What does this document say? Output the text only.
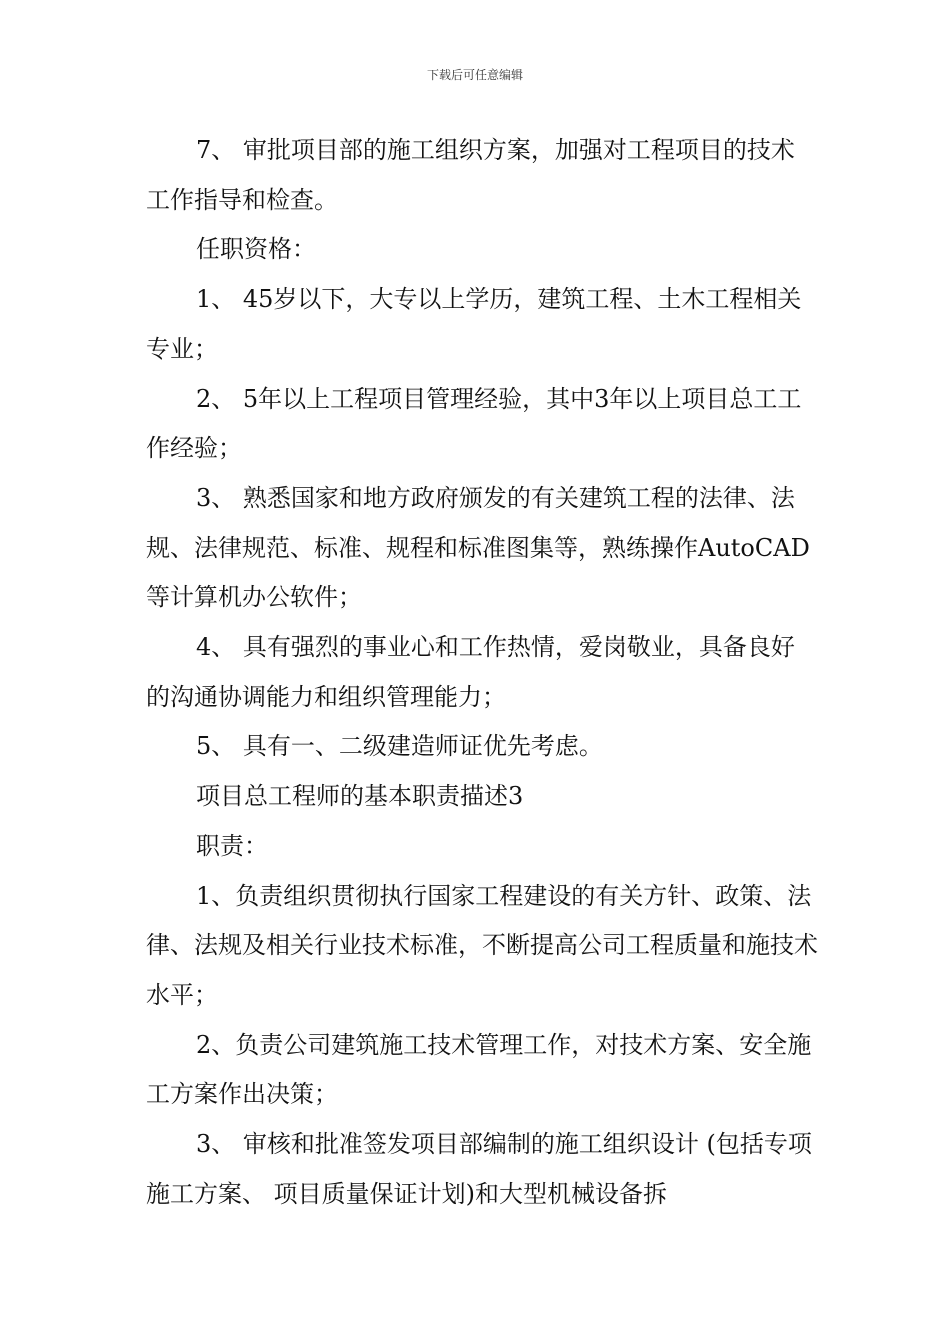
下载后可任意编辑

7、 审批项目部的施工组织方案，加强对工程项目的技术工作指导和检查。

任职资格：

1、 45岁以下，大专以上学历，建筑工程、土木工程相关专业；

2、 5年以上工程项目管理经验，其中3年以上项目总工工作经验；

3、 熟悉国家和地方政府颁发的有关建筑工程的法律、法规、法律规范、标准、规程和标准图集等，熟练操作AutoCAD等计算机办公软件；

4、 具有强烈的事业心和工作热情，爱岗敬业，具备良好的沟通协调能力和组织管理能力；

5、 具有一、二级建造师证优先考虑。

项目总工程师的基本职责描述3

职责：

1、负责组织贯彻执行国家工程建设的有关方针、政策、法律、法规及相关行业技术标准，不断提高公司工程质量和施技术水平；

2、负责公司建筑施工技术管理工作，对技术方案、安全施工方案作出决策；

3、 审核和批准签发项目部编制的施工组织设计 (包括专项施工方案、 项目质量保证计划)和大型机械设备拆
